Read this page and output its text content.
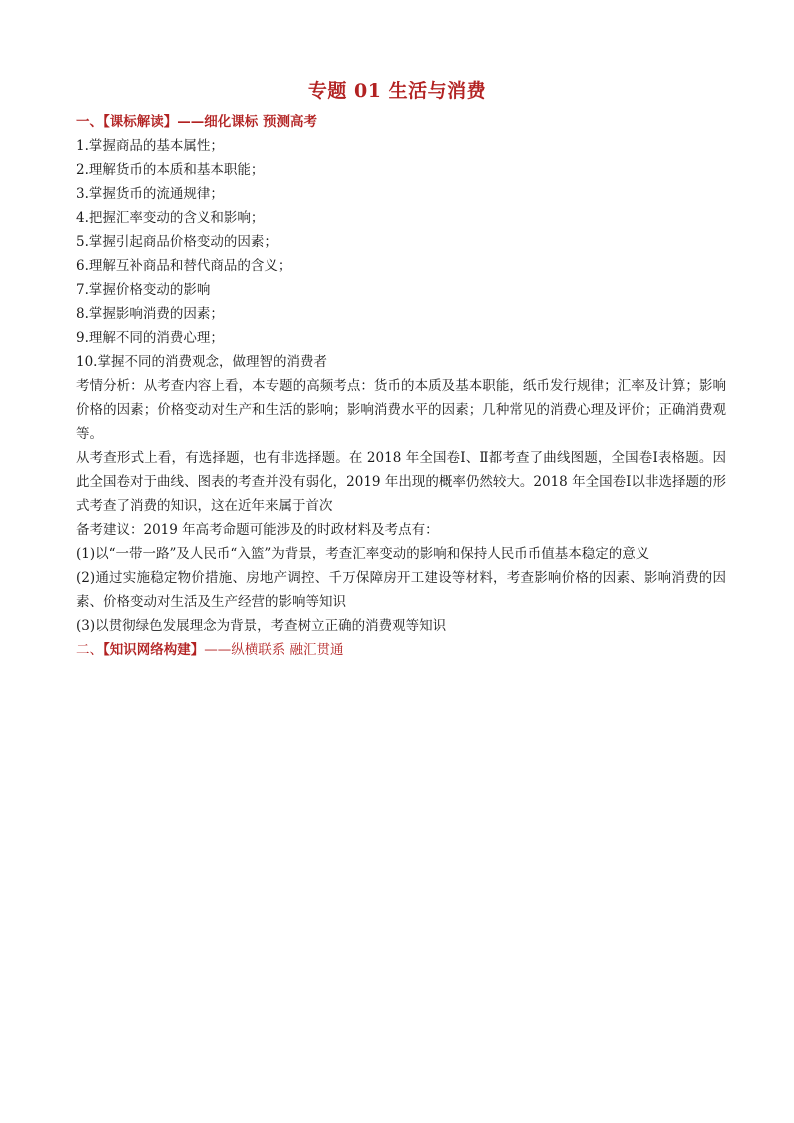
专题 01 生活与消费
一、【课标解读】——细化课标 预测高考
1.掌握商品的基本属性；
2.理解货币的本质和基本职能；
3.掌握货币的流通规律；
4.把握汇率变动的含义和影响；
5.掌握引起商品价格变动的因素；
6.理解互补商品和替代商品的含义；
7.掌握价格变动的影响
8.掌握影响消费的因素；
9.理解不同的消费心理；
10.掌握不同的消费观念，做理智的消费者
考情分析：从考查内容上看，本专题的高频考点：货币的本质及基本职能，纸币发行规律；汇率及计算；影响价格的因素；价格变动对生产和生活的影响；影响消费水平的因素；几种常见的消费心理及评价；正确消费观等。
从考查形式上看，有选择题，也有非选择题。在 2018 年全国卷Ⅰ、Ⅱ都考查了曲线图题，全国卷Ⅰ表格题。因此全国卷对于曲线、图表的考查并没有弱化，2019 年出现的概率仍然较大。2018 年全国卷Ⅰ以非选择题的形式考查了消费的知识，这在近年来属于首次
备考建议：2019 年高考命题可能涉及的时政材料及考点有：
(1)以“一带一路”及人民币“入篮”为背景，考查汇率变动的影响和保持人民币币值基本稳定的意义
(2)通过实施稳定物价措施、房地产调控、千万保障房开工建设等材料，考查影响价格的因素、影响消费的因素、价格变动对生活及生产经营的影响等知识
(3)以贯彻绿色发展理念为背景，考查树立正确的消费观等知识
二、【知识网络构建】——纵横联系 融汇贯通
